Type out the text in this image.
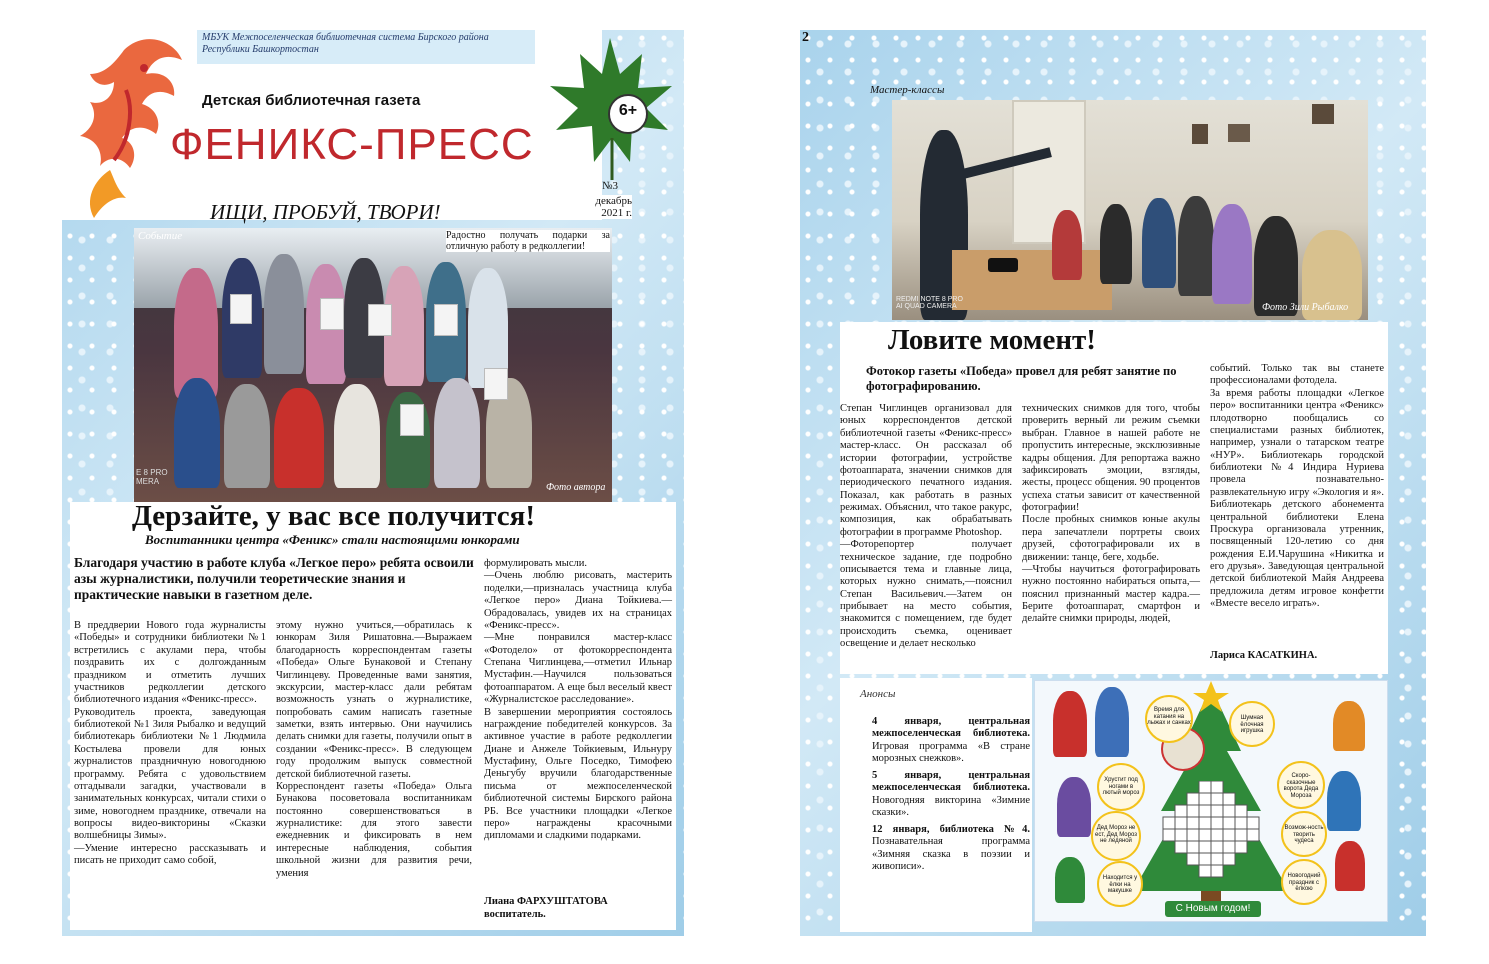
МБУК Межпоселенческая библиотечная система Бирского района Республики Башкортостан
Детская библиотечная газета
ФЕНИКС-ПРЕСС
6+
№3
декабрь 2021 г.
ИЩИ, ПРОБУЙ, ТВОРИ!
E 8 PRO
MERA
Событие	Радостно получать подарки за отличную работу в редколлегии!
Фото автора
Дерзайте, у вас все получится!
Воспитанники центра «Феникс» стали настоящими юнкорами
Благодаря участию в работе клуба «Легкое перо» ребята освоили азы журналистики, получили теоретические знания и практические навыки в газетном деле.
В преддверии Нового года журналисты «Победы» и сотрудники библиотеки №1 встретились с акулами пера, чтобы поздравить их с долгожданным праздником и отметить лучших участников редколлегии детского библиотечного издания «Феникс-пресс».
Руководитель проекта, заведующая библиотекой №1 Зиля Рыбалко и ведущий библиотекарь библиотеки №1 Людмила Костылева провели для юных журналистов праздничную новогоднюю программу. Ребята с удовольствием отгадывали загадки, участвовали в занимательных конкурсах, читали стихи о зиме, новогоднем празднике, отвечали на вопросы видео-викторины «Сказки волшебницы Зимы».
—Умение интересно рассказывать и писать не приходит само собой,
этому нужно учиться,—обратилась к юнкорам Зиля Ришатовна.—Выражаем благодарность корреспондентам газеты «Победа» Ольге Бунаковой и Степану Чиглинцеву. Проведенные вами занятия, экскурсии, мастер-класс дали ребятам возможность узнать о журналистике, попробовать самим написать газетные заметки, взять интервью. Они научились делать снимки для газеты, получили опыт в создании «Феникс-пресс». В следующем году продолжим выпуск совместной детской библиотечной газеты.
Корреспондент газеты «Победа» Ольга Бунакова посоветовала воспитанникам постоянно совершенствоваться в журналистике: для этого завести ежедневник и фиксировать в нем интересные наблюдения, события школьной жизни для развития речи, умения
формулировать мысли.
—Очень люблю рисовать, мастерить поделки,—призналась участница клуба «Легкое перо» Диана Тойкиева.—Обрадовалась, увидев их на страницах «Феникс-пресс».
—Мне понравился мастер-класс «Фотодело» от фотокорреспондента Степана Чиглинцева,—отметил Ильнар Мустафин.—Научился пользоваться фотоаппаратом. А еще был веселый квест «Журналистское расследование».
В завершении мероприятия состоялось награждение победителей конкурсов. За активное участие в работе редколлегии Диане и Анжеле Тойкиевым, Ильнуру Мустафину, Ольге Поседко, Тимофею Деньгубу вручили благодарственные письма от межпоселенческой библиотечной системы Бирского района РБ. Все участники площадки «Легкое перо» награждены красочными дипломами и сладкими подарками.
Лиана ФАРХУШТАТОВА
воспитатель.
2
Мастер-классы
REDMI NOTE 8 PRO
AI QUAD CAMERA	Фото Зили Рыбалко
Ловите момент!
Фотокор газеты «Победа» провел для ребят занятие по фотографированию.
Степан Чиглинцев организовал для юных корреспондентов детской библиотечной газеты «Феникс-пресс» мастер-класс. Он рассказал об истории фотографии, устройстве фотоаппарата, значении снимков для периодического печатного издания. Показал, как работать в разных режимах. Объяснил, что такое ракурс, композиция, как обрабатывать фотографии в программе Photoshop.
—Фоторепортер получает техническое задание, где подробно описывается тема и главные лица, которых нужно снимать,—пояснил Степан Васильевич.—Затем он прибывает на место события, знакомится с помещением, где будет происходить съемка, оценивает освещение и делает несколько
технических снимков для того, чтобы проверить верный ли режим съемки выбран. Главное в нашей работе не пропустить интересные, эксклюзивные кадры общения. Для репортажа важно зафиксировать эмоции, взгляды, жесты, процесс общения. 90 процентов успеха статьи зависит от качественной фотографии!
После пробных снимков юные акулы пера запечатлели портреты своих друзей, сфотографировали их в движении: танце, беге, ходьбе.
—Чтобы научиться фотографировать нужно постоянно набираться опыта,—пояснил признанный мастер кадра.—Берите фотоаппарат, смартфон и делайте снимки природы, людей,
событий. Только так вы станете профессионалами фотодела.
За время работы площадки «Легкое перо» воспитанники центра «Феникс» плодотворно пообщались со специалистами разных библиотек, например, узнали о татарском театре «НУР». Библиотекарь городской библиотеки №4 Индира Нуриева провела познавательно-развлекательную игру «Экология и я». Библиотекарь детского абонемента центральной библиотеки Елена Проскура организовала утренник, посвященный 120-летию со дня рождения Е.И.Чарушина «Никитка и его друзья». Заведующая центральной детской библиотекой Майя Андреева предложила детям игровое конфетти «Вместе весело играть».
Лариса КАСАТКИНА.
Анонсы
4 января, центральная межпоселенческая библиотека. Игровая программа «В стране морозных снежков».
5 января, центральная межпоселенческая библиотека. Новогодняя викторина «Зимние сказки».
12 января, библиотека №4. Познавательная программа «Зимняя сказка в поэзии и живописи».
Время для катания на лыжах и санках
Шумная ёлочная игрушка
Хрустит под ногами в лютый мороз
Скоро-сказочные ворота Деда Мороза
Дед Мороз не ест, Дед Мороз не ледяной
Возмож-ность творить чудеса
Находится у ёлки на макушке
Новогодний праздник с ёлкою
С Новым годом!
